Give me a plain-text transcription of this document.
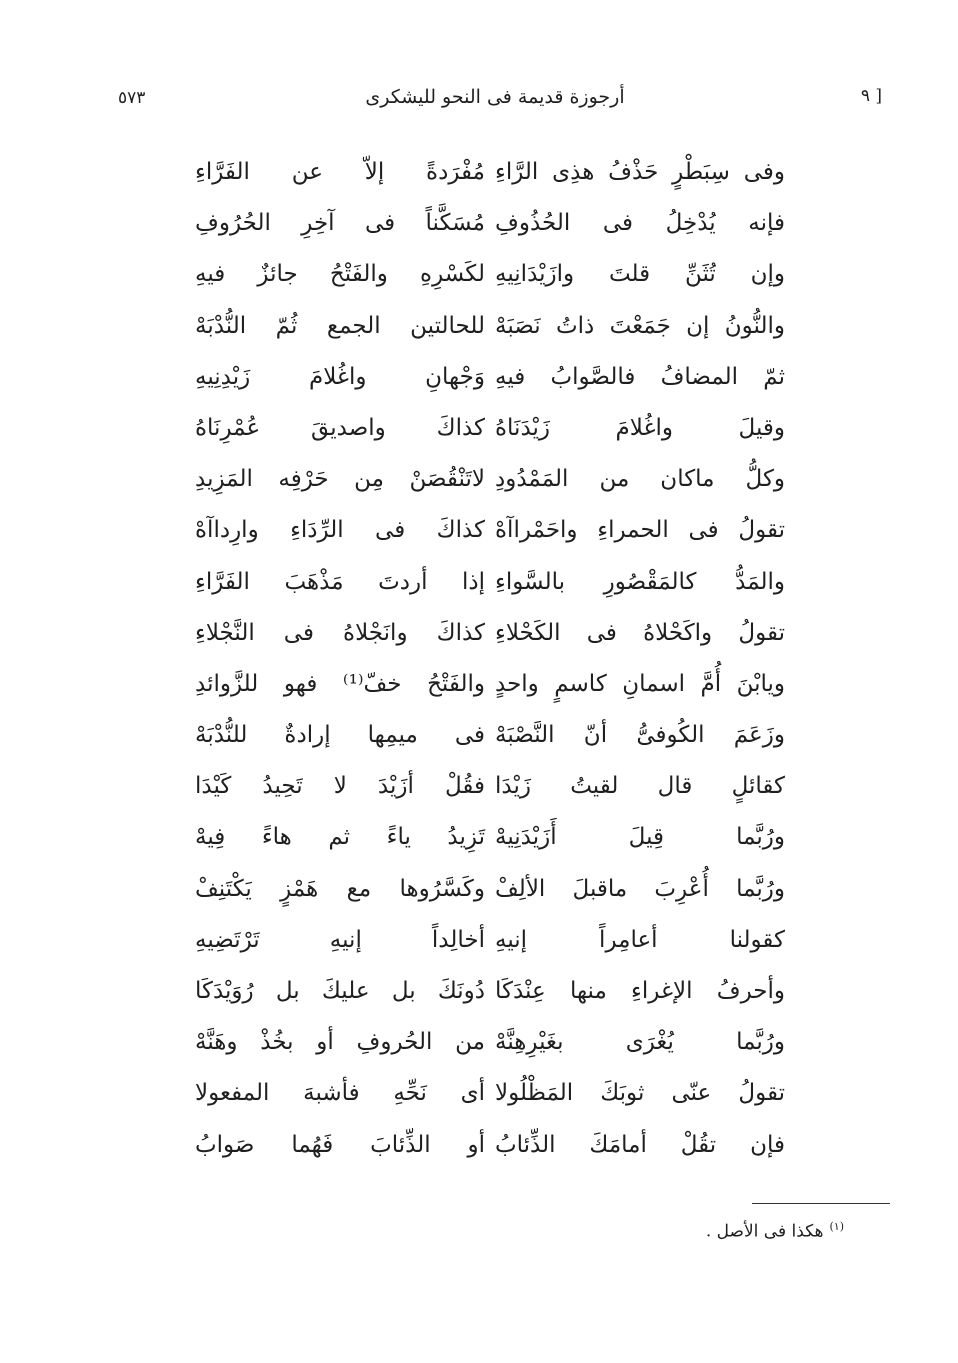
٥٧٣	أرجوزة قديمة فى النحو لليشكرى	[ ٩
وفى سِبَطْرٍ حَذْفُ هذِى الرَّاءِ
مُفْرَدةً إلاّ عن الفَرَّاءِ
فإنه يُدْخِلُ فى الحُذُوفِ
مُسَكَّناً فى آخِرِ الحُرُوفِ
وإن تُثَنِّ قلتَ وازَيْدَانِيهِ
لكَسْرِهِ والفَتْحُ جائزٌ فيهِ
والنُّونُ إن جَمَعْتَ ذاتُ نَصَبَهْ
للحالتين الجمع ثُمّ النُّدْبَهْ
ثمّ المضافُ فالصَّوابُ فيهِ
وَجْهانِ واغُلامَ زَيْدِنِيهِ
وقيلَ واغُلامَ زَيْدَنَاهُ
كذاكَ واصديقَ عُمْرِنَاهُ
وكلُّ ماكان من المَمْدُودِ
لاتَنْقُصَنْ مِن حَرْفِه المَزِيدِ
تقولُ فى الحمراءِ واحَمْراآهْ
كذاكَ فى الرِّدَاءِ وارِداآهْ
والمَدُّ كالمَقْصُورِ بالسَّواءِ
إذا أردتَ مَذْهَبَ الفَرَّاءِ
تقولُ واكَحْلاهُ فى الكَحْلاءِ
كذاكَ وانَجْلاهُ فى النَّجْلاءِ
ويابْنَ أُمَّ اسمانِ كاسمٍ واحدٍ
والفَتْحُ خفّ⁽¹⁾ فهو للزَّوائدِ
وزَعَمَ الكُوفىُّ أنّ النَّصْبَهْ
فى ميمِها إرادةٌ للنُّدْبَهْ
كقائلٍ قال لقيتُ زَيْدَا
فقُلْ أزَيْدَ لا تَحِيدُ كَيْدَا
ورُبَّما قِيلَ أَزَيْدَنِيهْ
تَزِيدُ ياءً ثم هاءً فِيهْ
ورُبَّما أُعْرِبَ ماقبلَ الألِفْ
وكَسَّرُوها مع هَمْزٍ يَكْتَنِفْ
كقولنا أعامِراً إنيهِ
أخالِداً إنيهِ تَرْتَضِيهِ
وأحرفُ الإغراءِ منها عِنْدَكَا
دُونَكَ بل عليكَ بل رُوَيْدَكَا
ورُبَّما يُغْرَى بغَيْرِهِنَّهْ
من الحُروفِ أو بخُذْ وهَنَّهْ
تقولُ عنّى ثوبَكَ المَظْلُولا
أى نَحِّهِ فأشبهَ المفعولا
فإن تقُلْ أمامَكَ الذِّئابُ
أو الذِّئابَ فَهُما صَوابُ
$^{(١)}$هكذا فى الأصل .
